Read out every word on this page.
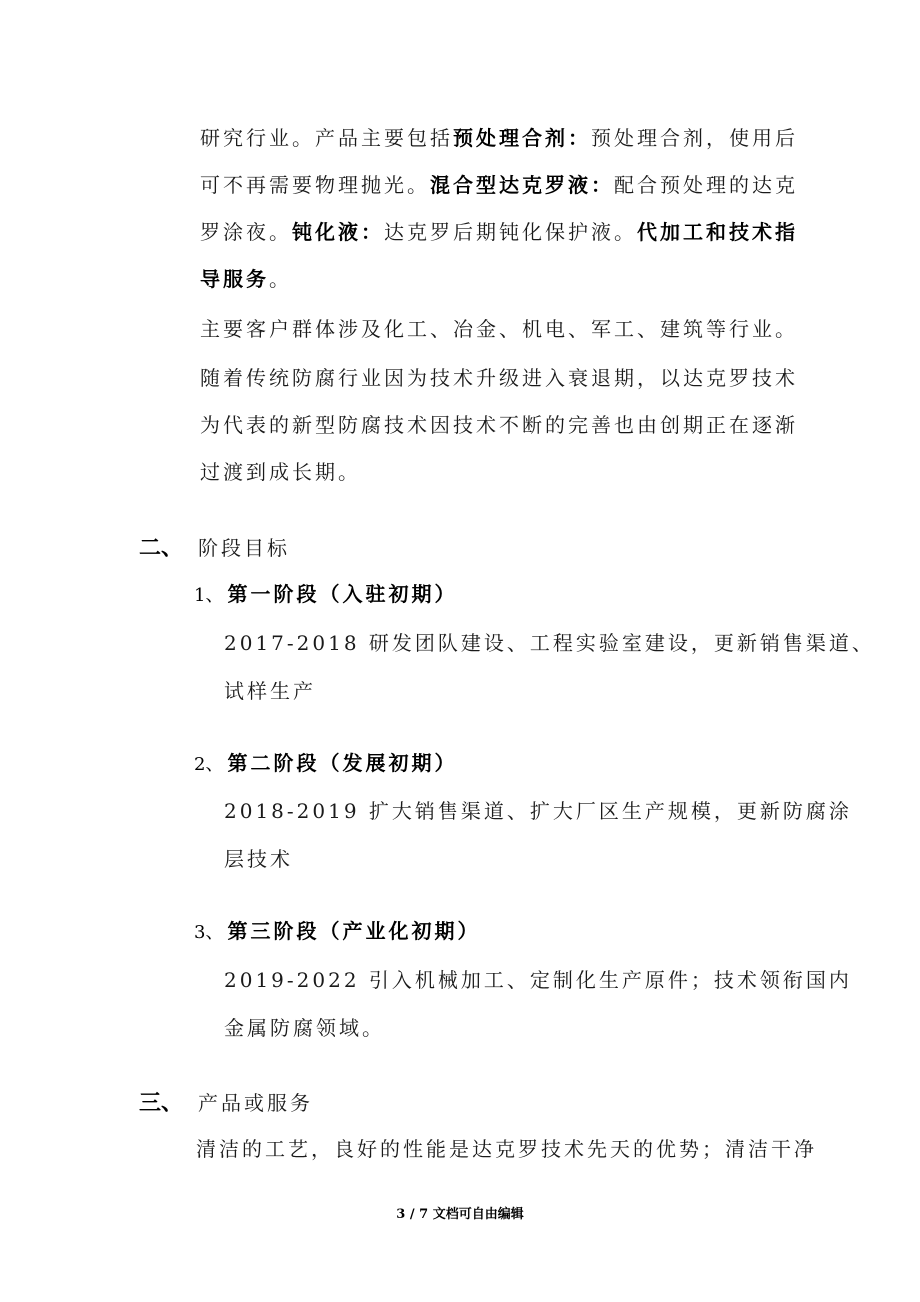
研究行业。产品主要包括预处理合剂：预处理合剂，使用后
可不再需要物理抛光。混合型达克罗液：配合预处理的达克
罗涂夜。钝化液：达克罗后期钝化保护液。代加工和技术指
导服务。
主要客户群体涉及化工、冶金、机电、军工、建筑等行业。
随着传统防腐行业因为技术升级进入衰退期，以达克罗技术
为代表的新型防腐技术因技术不断的完善也由创期正在逐渐
过渡到成长期。
二、 阶段目标
1、 第一阶段（入驻初期）
2017-2018 研发团队建设、工程实验室建设，更新销售渠道、
试样生产
2、 第二阶段（发展初期）
2018-2019 扩大销售渠道、扩大厂区生产规模，更新防腐涂
层技术
3、 第三阶段（产业化初期）
2019-2022 引入机械加工、定制化生产原件；技术领衔国内
金属防腐领域。
三、 产品或服务
清洁的工艺，良好的性能是达克罗技术先天的优势；清洁干净
3 / 7 文档可自由编辑
